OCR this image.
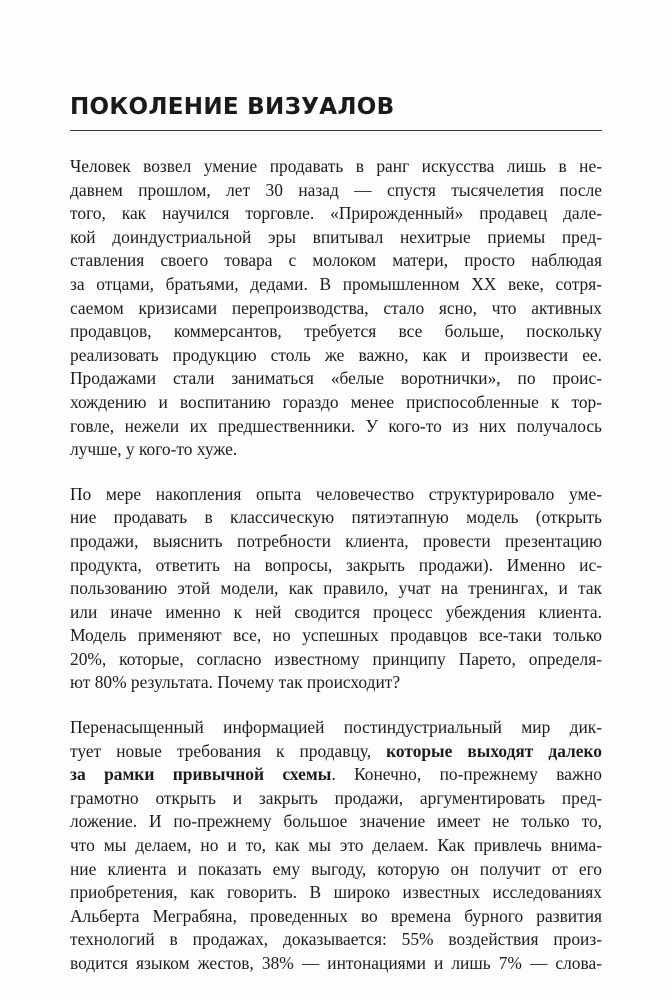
ПОКОЛЕНИЕ ВИЗУАЛОВ

Человек возвел умение продавать в ранг искусства лишь в не-
давнем прошлом, лет 30 назад — спустя тысячелетия после
того, как научился торговле. «Прирожденный» продавец дале-
кой доиндустриальной эры впитывал нехитрые приемы пред-
ставления своего товара с молоком матери, просто наблюдая
за отцами, братьями, дедами. В промышленном XX веке, сотря-
саемом кризисами перепроизводства, стало ясно, что активных
продавцов, коммерсантов, требуется все больше, поскольку
реализовать продукцию столь же важно, как и произвести ее.
Продажами стали заниматься «белые воротнички», по проис-
хождению и воспитанию гораздо менее приспособленные к тор-
говле, нежели их предшественники. У кого-то из них получалось
лучше, у кого-то хуже.

По мере накопления опыта человечество структурировало уме-
ние продавать в классическую пятиэтапную модель (открыть
продажи, выяснить потребности клиента, провести презентацию
продукта, ответить на вопросы, закрыть продажи). Именно ис-
пользованию этой модели, как правило, учат на тренингах, и так
или иначе именно к ней сводится процесс убеждения клиента.
Модель применяют все, но успешных продавцов все-таки только
20%, которые, согласно известному принципу Парето, определя-
ют 80% результата. Почему так происходит?

Перенасыщенный информацией постиндустриальный мир дик-
тует новые требования к продавцу, которые выходят далеко
за рамки привычной схемы. Конечно, по-прежнему важно
грамотно открыть и закрыть продажи, аргументировать пред-
ложение. И по-прежнему большое значение имеет не только то,
что мы делаем, но и то, как мы это делаем. Как привлечь внима-
ние клиента и показать ему выгоду, которую он получит от его
приобретения, как говорить. В широко известных исследованиях
Альберта Меграбяна, проведенных во времена бурного развития
технологий в продажах, доказывается: 55% воздействия произ-
водится языком жестов, 38% — интонациями и лишь 7% — слова-
